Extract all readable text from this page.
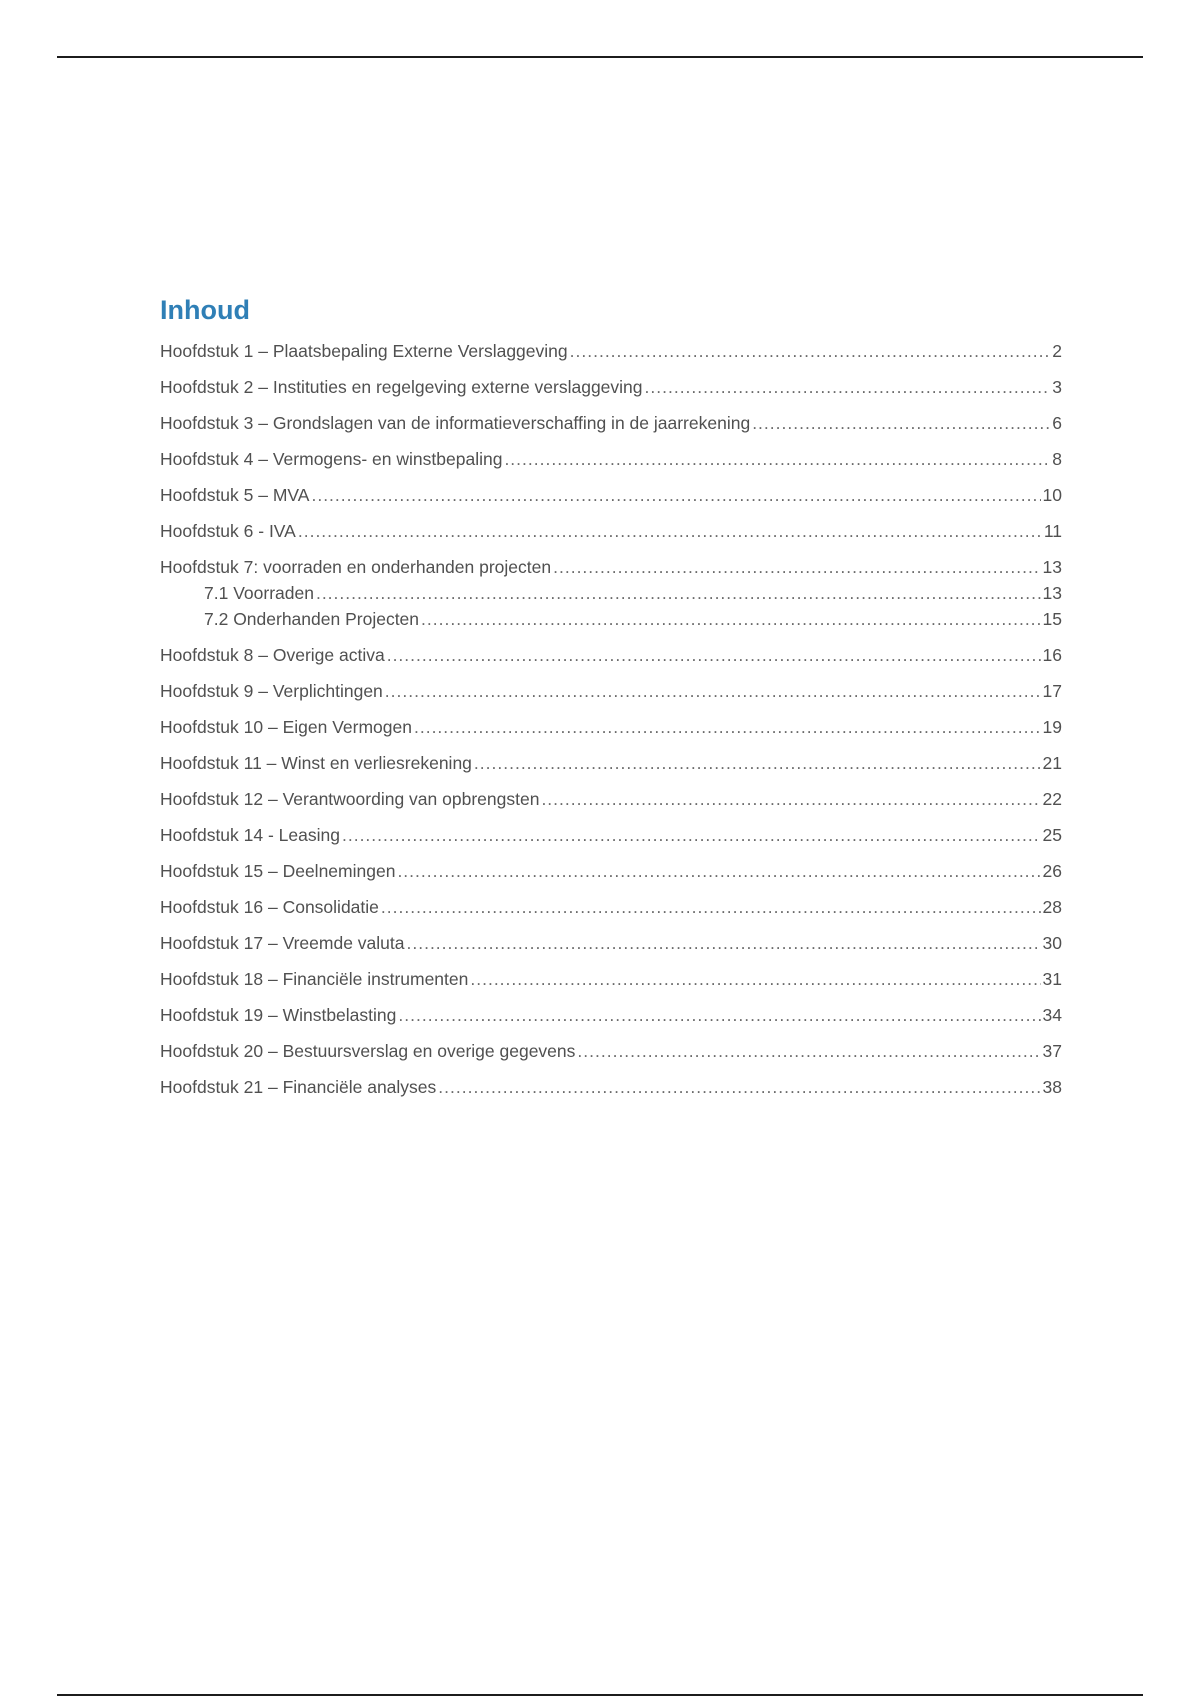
Inhoud
Hoofdstuk 1 – Plaatsbepaling Externe Verslaggeving .....	2
Hoofdstuk 2 – Instituties en regelgeving externe verslaggeving .....	3
Hoofdstuk 3 – Grondslagen van de informatieverschaffing in de jaarrekening .....	6
Hoofdstuk 4 – Vermogens- en winstbepaling .....	8
Hoofdstuk 5 – MVA .....	10
Hoofdstuk 6 - IVA .....	11
Hoofdstuk 7: voorraden en onderhanden projecten .....	13
7.1 Voorraden .....	13
7.2 Onderhanden Projecten .....	15
Hoofdstuk 8 – Overige activa .....	16
Hoofdstuk 9 – Verplichtingen .....	17
Hoofdstuk 10 – Eigen Vermogen .....	19
Hoofdstuk 11 – Winst en verliesrekening .....	21
Hoofdstuk 12 – Verantwoording van opbrengsten .....	22
Hoofdstuk 14 - Leasing .....	25
Hoofdstuk 15 – Deelnemingen .....	26
Hoofdstuk 16 – Consolidatie .....	28
Hoofdstuk 17 – Vreemde valuta .....	30
Hoofdstuk 18 – Financiële instrumenten .....	31
Hoofdstuk 19 – Winstbelasting .....	34
Hoofdstuk 20 – Bestuursverslag en overige gegevens .....	37
Hoofdstuk 21 – Financiële analyses .....	38
